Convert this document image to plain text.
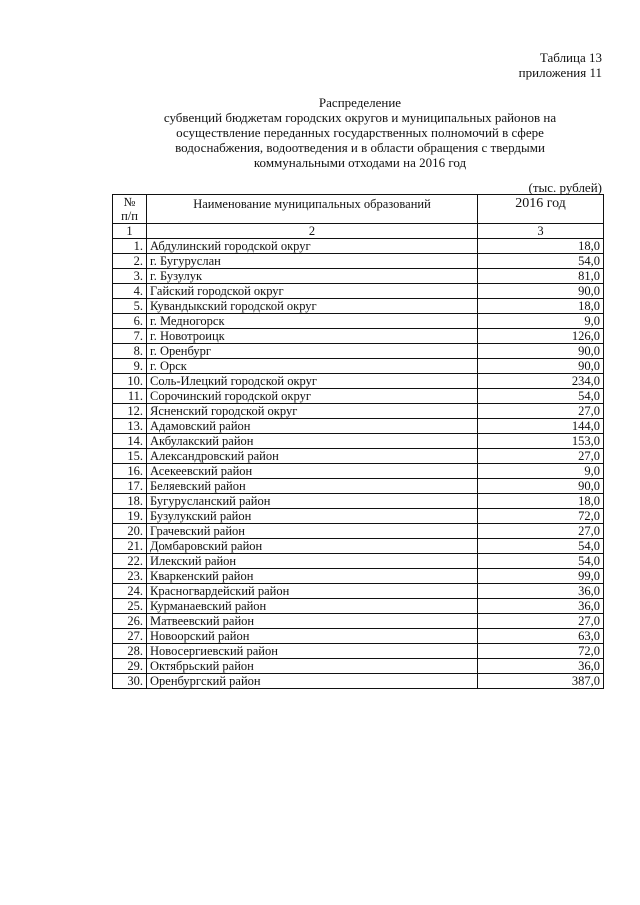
Таблица 13
приложения 11
Распределение
субвенций бюджетам городских округов и муниципальных районов на
осуществление переданных государственных полномочий в сфере
водоснабжения, водоотведения и в области обращения с твердыми
коммунальными отходами на 2016 год
(тыс. рублей)
№
п/п	Наименование муниципальных образований	2016 год
1	2	3
1.	Абдулинский городской округ	18,0
2.	г. Бугуруслан	54,0
3.	г. Бузулук	81,0
4.	Гайский городской округ	90,0
5.	Кувандыкский городской округ	18,0
6.	г. Медногорск	9,0
7.	г. Новотроицк	126,0
8.	г. Оренбург	90,0
9.	г. Орск	90,0
10.	Соль-Илецкий городской округ	234,0
11.	Сорочинский городской округ	54,0
12.	Ясненский городской округ	27,0
13.	Адамовский район	144,0
14.	Акбулакский район	153,0
15.	Александровский район	27,0
16.	Асекеевский район	9,0
17.	Беляевский район	90,0
18.	Бугурусланский район	18,0
19.	Бузулукский район	72,0
20.	Грачевский район	27,0
21.	Домбаровский район	54,0
22.	Илекский район	54,0
23.	Кваркенский район	99,0
24.	Красногвардейский район	36,0
25.	Курманаевский район	36,0
26.	Матвеевский район	27,0
27.	Новоорский район	63,0
28.	Новосергиевский район	72,0
29.	Октябрьский район	36,0
30.	Оренбургский район	387,0
